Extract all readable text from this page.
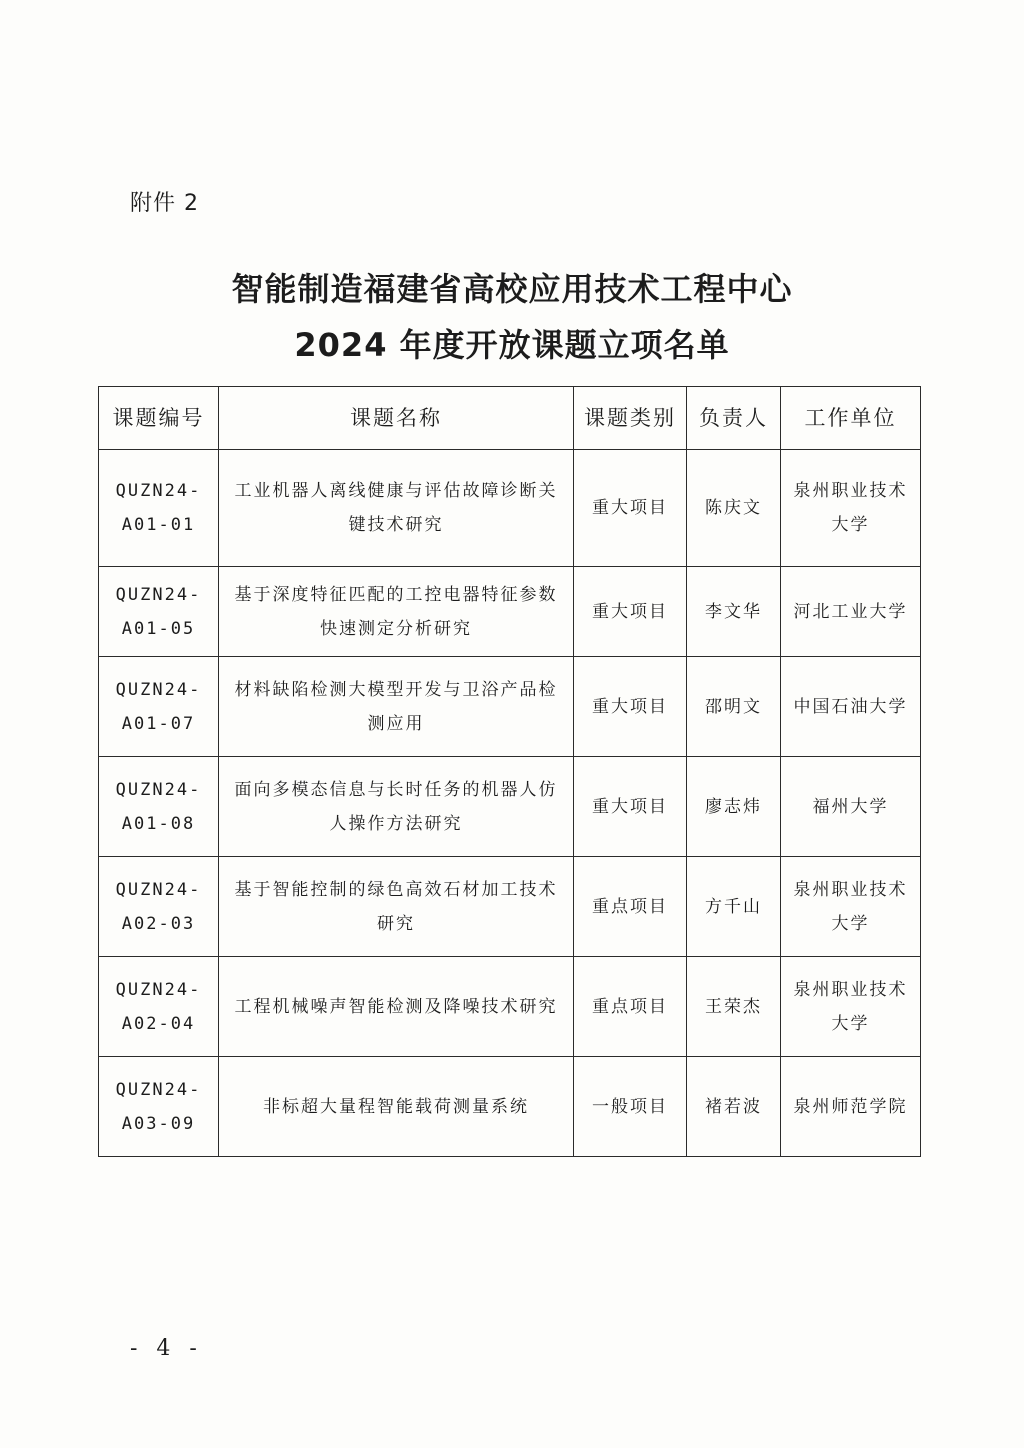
附件 2
智能制造福建省高校应用技术工程中心
2024 年度开放课题立项名单
课题编号	课题名称	课题类别	负责人	工作单位
QUZN24-A01-01	工业机器人离线健康与评估故障诊断关键技术研究	重大项目	陈庆文	泉州职业技术大学
QUZN24-A01-05	基于深度特征匹配的工控电器特征参数快速测定分析研究	重大项目	李文华	河北工业大学
QUZN24-A01-07	材料缺陷检测大模型开发与卫浴产品检测应用	重大项目	邵明文	中国石油大学
QUZN24-A01-08	面向多模态信息与长时任务的机器人仿人操作方法研究	重大项目	廖志炜	福州大学
QUZN24-A02-03	基于智能控制的绿色高效石材加工技术研究	重点项目	方千山	泉州职业技术大学
QUZN24-A02-04	工程机械噪声智能检测及降噪技术研究	重点项目	王荣杰	泉州职业技术大学
QUZN24-A03-09	非标超大量程智能载荷测量系统	一般项目	褚若波	泉州师范学院
- 4 -
